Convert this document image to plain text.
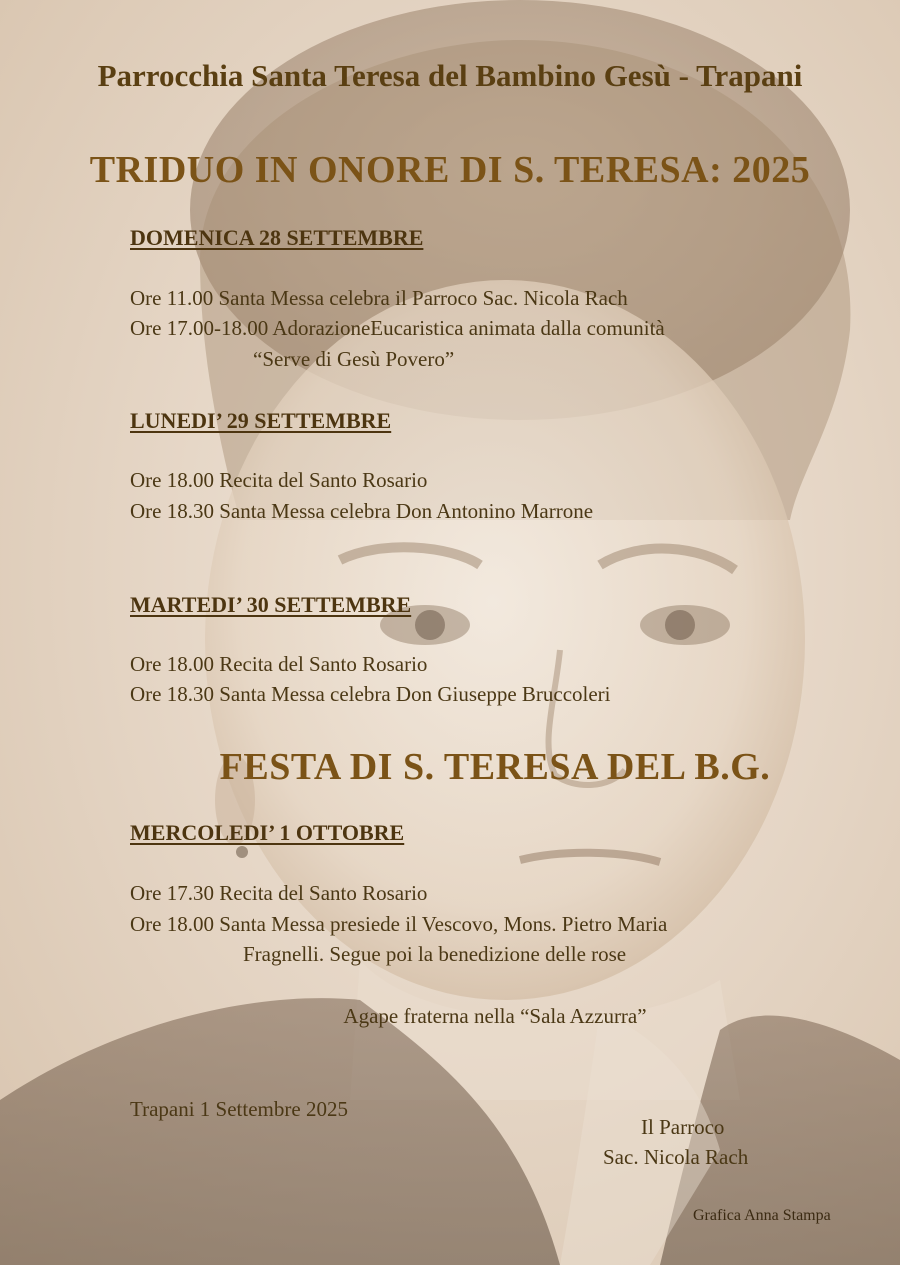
Parrocchia Santa Teresa del Bambino Gesù - Trapani
TRIDUO IN ONORE DI S. TERESA: 2025
DOMENICA 28 SETTEMBRE
Ore 11.00 Santa Messa celebra il Parroco Sac. Nicola Rach
Ore 17.00-18.00 AdorazioneEucaristica animata dalla comunità
“Serve di Gesù Povero”
LUNEDI’ 29 SETTEMBRE
Ore 18.00 Recita del Santo Rosario
Ore 18.30 Santa Messa celebra Don Antonino Marrone
MARTEDI’ 30 SETTEMBRE
Ore 18.00 Recita del Santo Rosario
Ore 18.30 Santa Messa celebra Don Giuseppe Bruccoleri
FESTA DI S. TERESA DEL B.G.
MERCOLEDI’ 1 OTTOBRE
Ore 17.30 Recita del Santo Rosario
Ore 18.00 Santa Messa presiede il Vescovo, Mons. Pietro Maria
Fragnelli. Segue poi la benedizione delle rose
Agape fraterna nella “Sala Azzurra”
Trapani 1 Settembre 2025
Il Parroco
Sac. Nicola Rach
Grafica Anna Stampa
